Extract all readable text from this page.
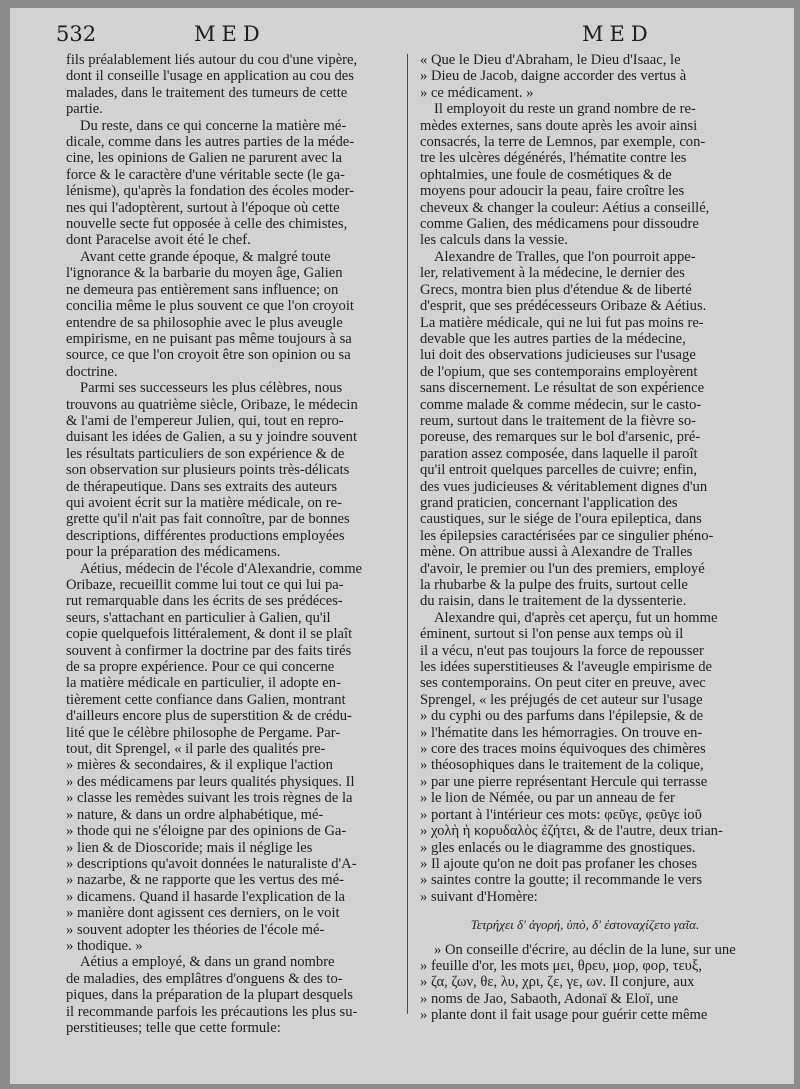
532	MED	MED

fils préalablement liés autour du cou d'une vipère,
dont il conseille l'usage en application au cou des
malades, dans le traitement des tumeurs de cette
partie.

Du reste, dans ce qui concerne la matière mé-
dicale, comme dans les autres parties de la méde-
cine, les opinions de Galien ne parurent avec la
force & le caractère d'une véritable secte (le ga-
lénisme), qu'après la fondation des écoles moder-
nes qui l'adoptèrent, surtout à l'époque où cette
nouvelle secte fut opposée à celle des chimistes,
dont Paracelse avoit été le chef.

Avant cette grande époque, & malgré toute
l'ignorance & la barbarie du moyen âge, Galien
ne demeura pas entièrement sans influence; on
concilia même le plus souvent ce que l'on croyoit
entendre de sa philosophie avec le plus aveugle
empirisme, en ne puisant pas même toujours à sa
source, ce que l'on croyoit être son opinion ou sa
doctrine.

Parmi ses successeurs les plus célèbres, nous
trouvons au quatrième siècle, Oribaze, le médecin
& l'ami de l'empereur Julien, qui, tout en repro-
duisant les idées de Galien, a su y joindre souvent
les résultats particuliers de son expérience & de
son observation sur plusieurs points très-délicats
de thérapeutique. Dans ses extraits des auteurs
qui avoient écrit sur la matière médicale, on re-
grette qu'il n'ait pas fait connoître, par de bonnes
descriptions, différentes productions employées
pour la préparation des médicamens.

Aétius, médecin de l'école d'Alexandrie, comme
Oribaze, recueillit comme lui tout ce qui lui pa-
rut remarquable dans les écrits de ses prédéces-
seurs, s'attachant en particulier à Galien, qu'il
copie quelquefois littéralement, & dont il se plaît
souvent à confirmer la doctrine par des faits tirés
de sa propre expérience. Pour ce qui concerne
la matière médicale en particulier, il adopte en-
tièrement cette confiance dans Galien, montrant
d'ailleurs encore plus de superstition & de crédu-
lité que le célèbre philosophe de Pergame. Par-
tout, dit Sprengel, « il parle des qualités pre-
» mières & secondaires, & il explique l'action
» des médicamens par leurs qualités physiques. Il
» classe les remèdes suivant les trois règnes de la
» nature, & dans un ordre alphabétique, mé-
» thode qui ne s'éloigne par des opinions de Ga-
» lien & de Dioscoride; mais il néglige les
» descriptions qu'avoit données le naturaliste d'A-
» nazarbe, & ne rapporte que les vertus des mé-
» dicamens. Quand il hasarde l'explication de la
» manière dont agissent ces derniers, on le voit
» souvent adopter les théories de l'école mé-
» thodique. »

Aétius a employé, & dans un grand nombre
de maladies, des emplâtres d'onguens & des to-
piques, dans la préparation de la plupart desquels
il recommande parfois les précautions les plus su-
perstitieuses; telle que cette formule:

« Que le Dieu d'Abraham, le Dieu d'Isaac, le
» Dieu de Jacob, daigne accorder des vertus à
» ce médicament. »

Il employoit du reste un grand nombre de re-
mèdes externes, sans doute après les avoir ainsi
consacrés, la terre de Lemnos, par exemple, con-
tre les ulcères dégénérés, l'hématite contre les
ophtalmies, une foule de cosmétiques & de
moyens pour adoucir la peau, faire croître les
cheveux & changer la couleur: Aétius a conseillé,
comme Galien, des médicamens pour dissoudre
les calculs dans la vessie.

Alexandre de Tralles, que l'on pourroit appe-
ler, relativement à la médecine, le dernier des
Grecs, montra bien plus d'étendue & de liberté
d'esprit, que ses prédécesseurs Oribaze & Aétius.
La matière médicale, qui ne lui fut pas moins re-
devable que les autres parties de la médecine,
lui doit des observations judicieuses sur l'usage
de l'opium, que ses contemporains employèrent
sans discernement. Le résultat de son expérience
comme malade & comme médecin, sur le casto-
reum, surtout dans le traitement de la fièvre so-
poreuse, des remarques sur le bol d'arsenic, pré-
paration assez composée, dans laquelle il paroît
qu'il entroit quelques parcelles de cuivre; enfin,
des vues judicieuses & véritablement dignes d'un
grand praticien, concernant l'application des
caustiques, sur le siége de l'oura epileptica, dans
les épilepsies caractérisées par ce singulier phéno-
mène. On attribue aussi à Alexandre de Tralles
d'avoir, le premier ou l'un des premiers, employé
la rhubarbe & la pulpe des fruits, surtout celle
du raisin, dans le traitement de la dyssenterie.

Alexandre qui, d'après cet aperçu, fut un homme
éminent, surtout si l'on pense aux temps où il
il a vécu, n'eut pas toujours la force de repousser
les idées superstitieuses & l'aveugle empirisme de
ses contemporains. On peut citer en preuve, avec
Sprengel, « les préjugés de cet auteur sur l'usage
» du cyphi ou des parfums dans l'épilepsie, & de
» l'hématite dans les hémorragies. On trouve en-
» core des traces moins équivoques des chimères
» théosophiques dans le traitement de la colique,
» par une pierre représentant Hercule qui terrasse
» le lion de Némée, ou par un anneau de fer
» portant à l'intérieur ces mots: φεῦγε, φεῦγε ἰοῦ
» χολὴ ἡ κορυδαλὸς ἐζήτει, & de l'autre, deux trian-
» gles enlacés ou le diagramme des gnostiques.
» Il ajoute qu'on ne doit pas profaner les choses
» saintes contre la goutte; il recommande le vers
» suivant d'Homère:

Τετρήχει δ' ἀγορή, ὑπὸ, δ' ἐστοναχίζετο γαῖα.

» On conseille d'écrire, au déclin de la lune, sur une
» feuille d'or, les mots μει, θρευ, μορ, φορ, τευξ,
» ζα, ζων, θε, λυ, χρι, ζε, γε, ων. Il conjure, aux
» noms de Jao, Sabaoth, Adonaï & Eloï, une
» plante dont il fait usage pour guérir cette même
